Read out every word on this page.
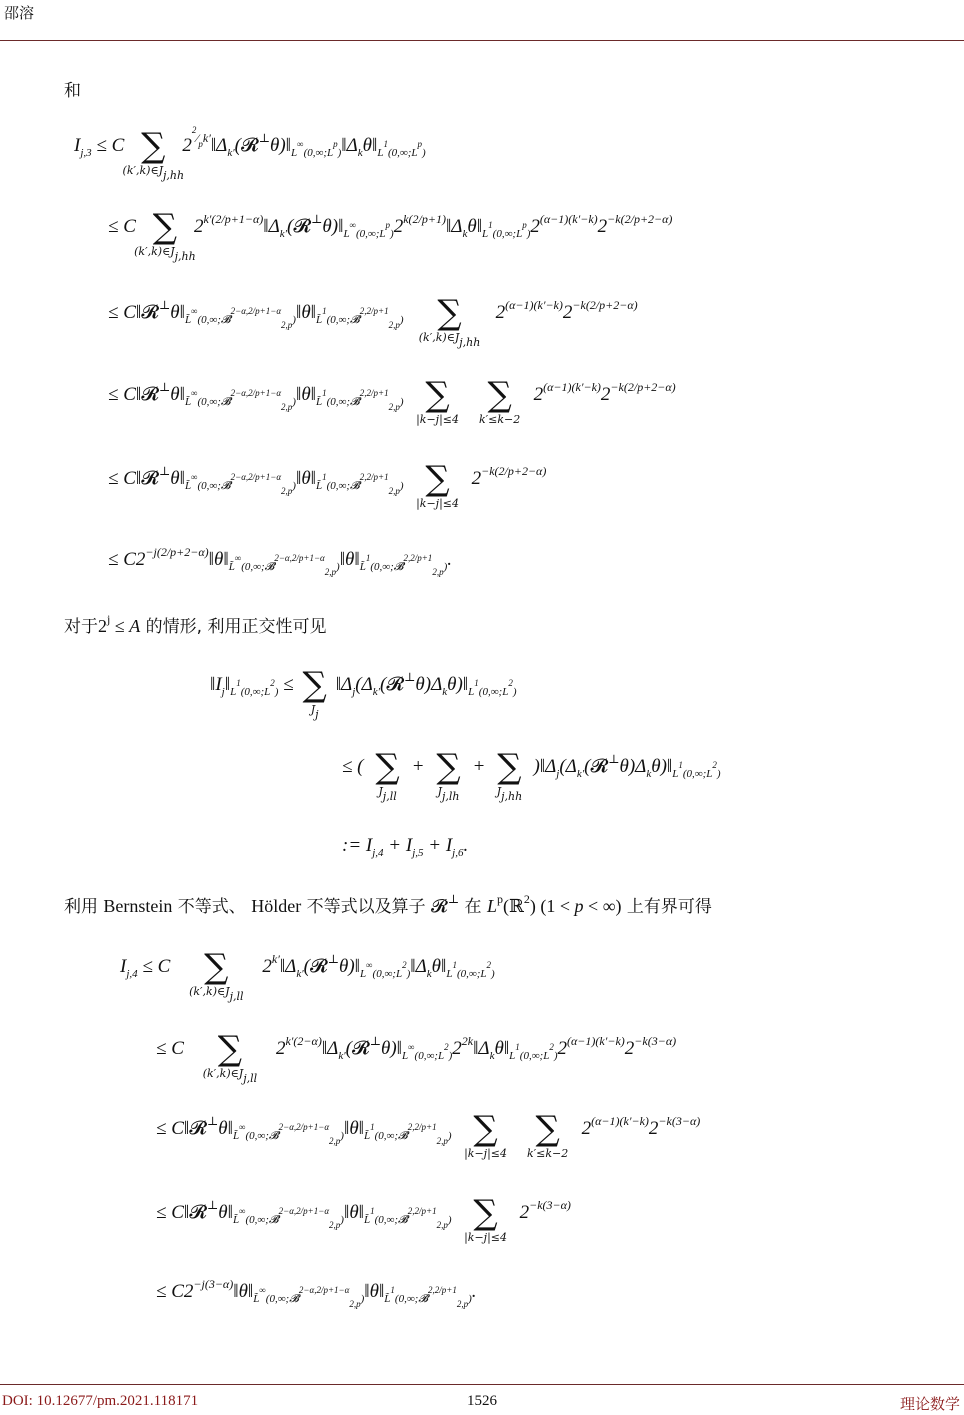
邵溶
和
$I_{j,3} \le C$ ∑
$(k',k)\in J_{j,hh}$
$2^{^2⁄_pk'}‖\Delta_{k'}(𝓡^\perp\theta)‖_{L^\infty(0,\infty;L^p)}‖\Delta_k\theta‖_{L^1(0,\infty;L^p)}$
≤ C ∑
$(k',k)\in J_{j,hh}$
$2^{k'(2/p+1-\alpha)}‖\Delta_{k'}(𝓡^\perp\theta)‖_{L^\infty(0,\infty;L^p)}2^{k(2/p+1)}‖\Delta_k\theta‖_{L^1(0,\infty;L^p)}2^{(\alpha-1)(k'-k)}2^{-k(2/p+2-\alpha)}$
≤ $C‖𝓡^\perp\theta‖_{L̃^\infty(0,\infty;𝓑̇^{2-\alpha,2/p+1-\alpha}_{2,p})}‖\theta‖_{L̃^1(0,\infty;𝓑̇^{2,2/p+1}_{2,p})}$ ∑
$(k',k)\in J_{j,hh}$
$2^{(\alpha-1)(k'-k)}2^{-k(2/p+2-\alpha)}$
≤ $C‖𝓡^\perp\theta‖_{L̃^\infty(0,\infty;𝓑̇^{2-\alpha,2/p+1-\alpha}_{2,p})}‖\theta‖_{L̃^1(0,\infty;𝓑̇^{2,2/p+1}_{2,p})}$ ∑
|k−j|≤4

∑
k′≤k−2
$2^{(\alpha-1)(k'-k)}2^{-k(2/p+2-\alpha)}$
≤ $C‖𝓡^\perp\theta‖_{L̃^\infty(0,\infty;𝓑̇^{2-\alpha,2/p+1-\alpha}_{2,p})}‖\theta‖_{L̃^1(0,\infty;𝓑̇^{2,2/p+1}_{2,p})}$ ∑
|k−j|≤4
$2^{-k(2/p+2-\alpha)}$
≤ $C2^{-j(2/p+2-\alpha)}‖\theta‖_{L̃^\infty(0,\infty;𝓑̇^{2-\alpha,2/p+1-\alpha}_{2,p})}‖\theta‖_{L̃^1(0,\infty;𝓑̇^{2,2/p+1}_{2,p})}$.
对于$2^j \le A$ 的情形, 利用正交性可见
$‖I_j‖_{L^1(0,\infty;L^2)}$ ≤ ∑
$J_j$
$‖\Delta_j(\Delta_{k'}(𝓡^\perp\theta)\Delta_k\theta)‖_{L^1(0,\infty;L^2)}$
≤ ( ∑
$J_{j,ll}$
+ ∑
$J_{j,lh}$
+ ∑
$J_{j,hh}$
)$‖\Delta_j(\Delta_{k'}(𝓡^\perp\theta)\Delta_k\theta)‖_{L^1(0,\infty;L^2)}$
:= $I_{j,4} + I_{j,5} + I_{j,6}$.
利用 Bernstein 不等式、 Hölder 不等式以及算子 𝓡⊥ 在 $L^p(ℝ^2) (1 < p$ < ∞) 上有界可得
$I_{j,4} \le C$ ∑
$(k',k)\in J_{j,ll}$
$2^{k'}‖\Delta_{k'}(𝓡^\perp\theta)‖_{L^\infty(0,\infty;L^2)}‖\Delta_k\theta‖_{L^1(0,\infty;L^2)}$
≤ C ∑
$(k',k)\in J_{j,ll}$
$2^{k'(2-\alpha)}‖\Delta_{k'}(𝓡^\perp\theta)‖_{L^\infty(0,\infty;L^2)}2^{2k}‖\Delta_k\theta‖_{L^1(0,\infty;L^2)}2^{(\alpha-1)(k'-k)}2^{-k(3-\alpha)}$
≤ $C‖𝓡^\perp\theta‖_{L̃^\infty(0,\infty;𝓑̇^{2-\alpha,2/p+1-\alpha}_{2,p})}‖\theta‖_{L̃^1(0,\infty;𝓑̇^{2,2/p+1}_{2,p})}$ ∑
|k−j|≤4

∑
k′≤k−2
$2^{(\alpha-1)(k'-k)}2^{-k(3-\alpha)}$
≤ $C‖𝓡^\perp\theta‖_{L̃^\infty(0,\infty;𝓑̇^{2-\alpha,2/p+1-\alpha}_{2,p})}‖\theta‖_{L̃^1(0,\infty;𝓑̇^{2,2/p+1}_{2,p})}$ ∑
|k−j|≤4
$2^{-k(3-\alpha)}$
≤ $C2^{-j(3-\alpha)}‖\theta‖_{L̃^\infty(0,\infty;𝓑̇^{2-\alpha,2/p+1-\alpha}_{2,p})}‖\theta‖_{L̃^1(0,\infty;𝓑̇^{2,2/p+1}_{2,p})}$.
DOI: 10.12677/pm.2021.118171	1526	理论数学
